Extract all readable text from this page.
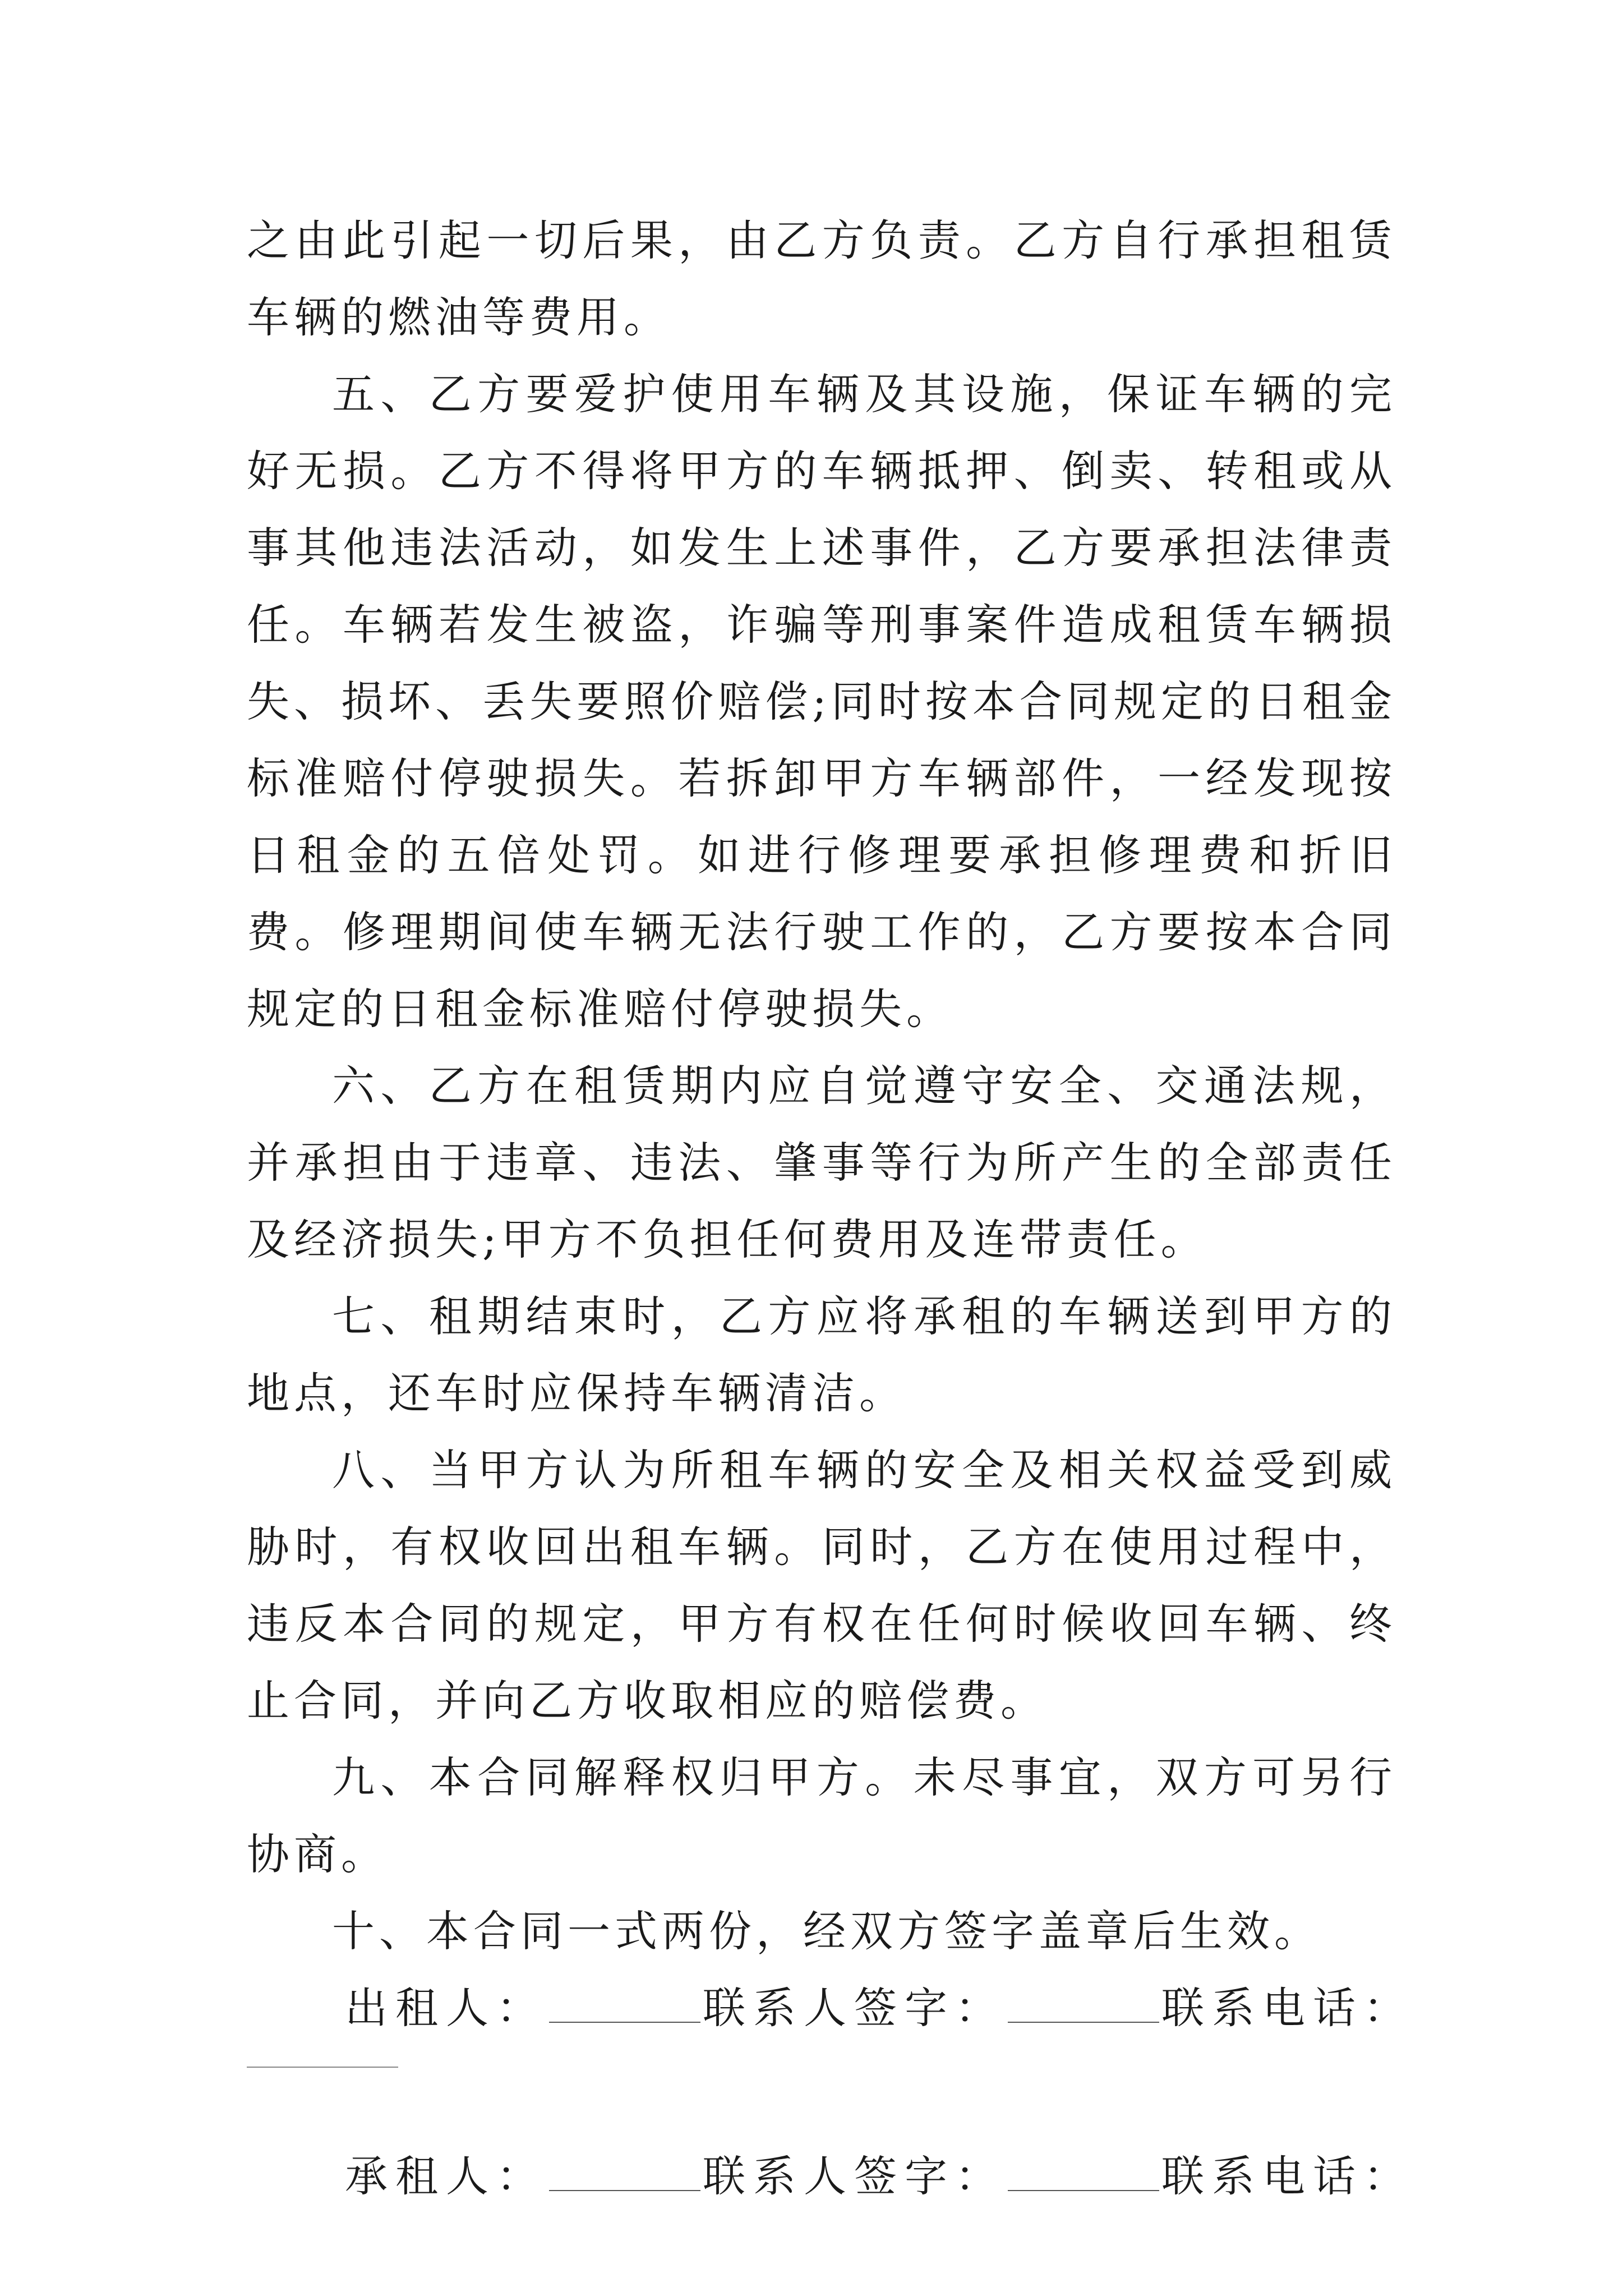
之由此引起一切后果，由乙方负责。乙方自行承担租赁车辆的燃油等费用。

五、乙方要爱护使用车辆及其设施，保证车辆的完好无损。乙方不得将甲方的车辆抵押、倒卖、转租或从事其他违法活动，如发生上述事件，乙方要承担法律责任。车辆若发生被盗，诈骗等刑事案件造成租赁车辆损失、损坏、丢失要照价赔偿;同时按本合同规定的日租金标准赔付停驶损失。若拆卸甲方车辆部件，一经发现按日租金的五倍处罚。如进行修理要承担修理费和折旧费。修理期间使车辆无法行驶工作的，乙方要按本合同规定的日租金标准赔付停驶损失。

六、乙方在租赁期内应自觉遵守安全、交通法规，并承担由于违章、违法、肇事等行为所产生的全部责任及经济损失;甲方不负担任何费用及连带责任。

七、租期结束时，乙方应将承租的车辆送到甲方的地点，还车时应保持车辆清洁。

八、当甲方认为所租车辆的安全及相关权益受到威胁时，有权收回出租车辆。同时，乙方在使用过程中，违反本合同的规定，甲方有权在任何时候收回车辆、终止合同，并向乙方收取相应的赔偿费。

九、本合同解释权归甲方。未尽事宜，双方可另行协商。

十、本合同一式两份，经双方签字盖章后生效。

出租人：	联系人签字：	联系电话：
承租人：	联系人签字：	联系电话：
